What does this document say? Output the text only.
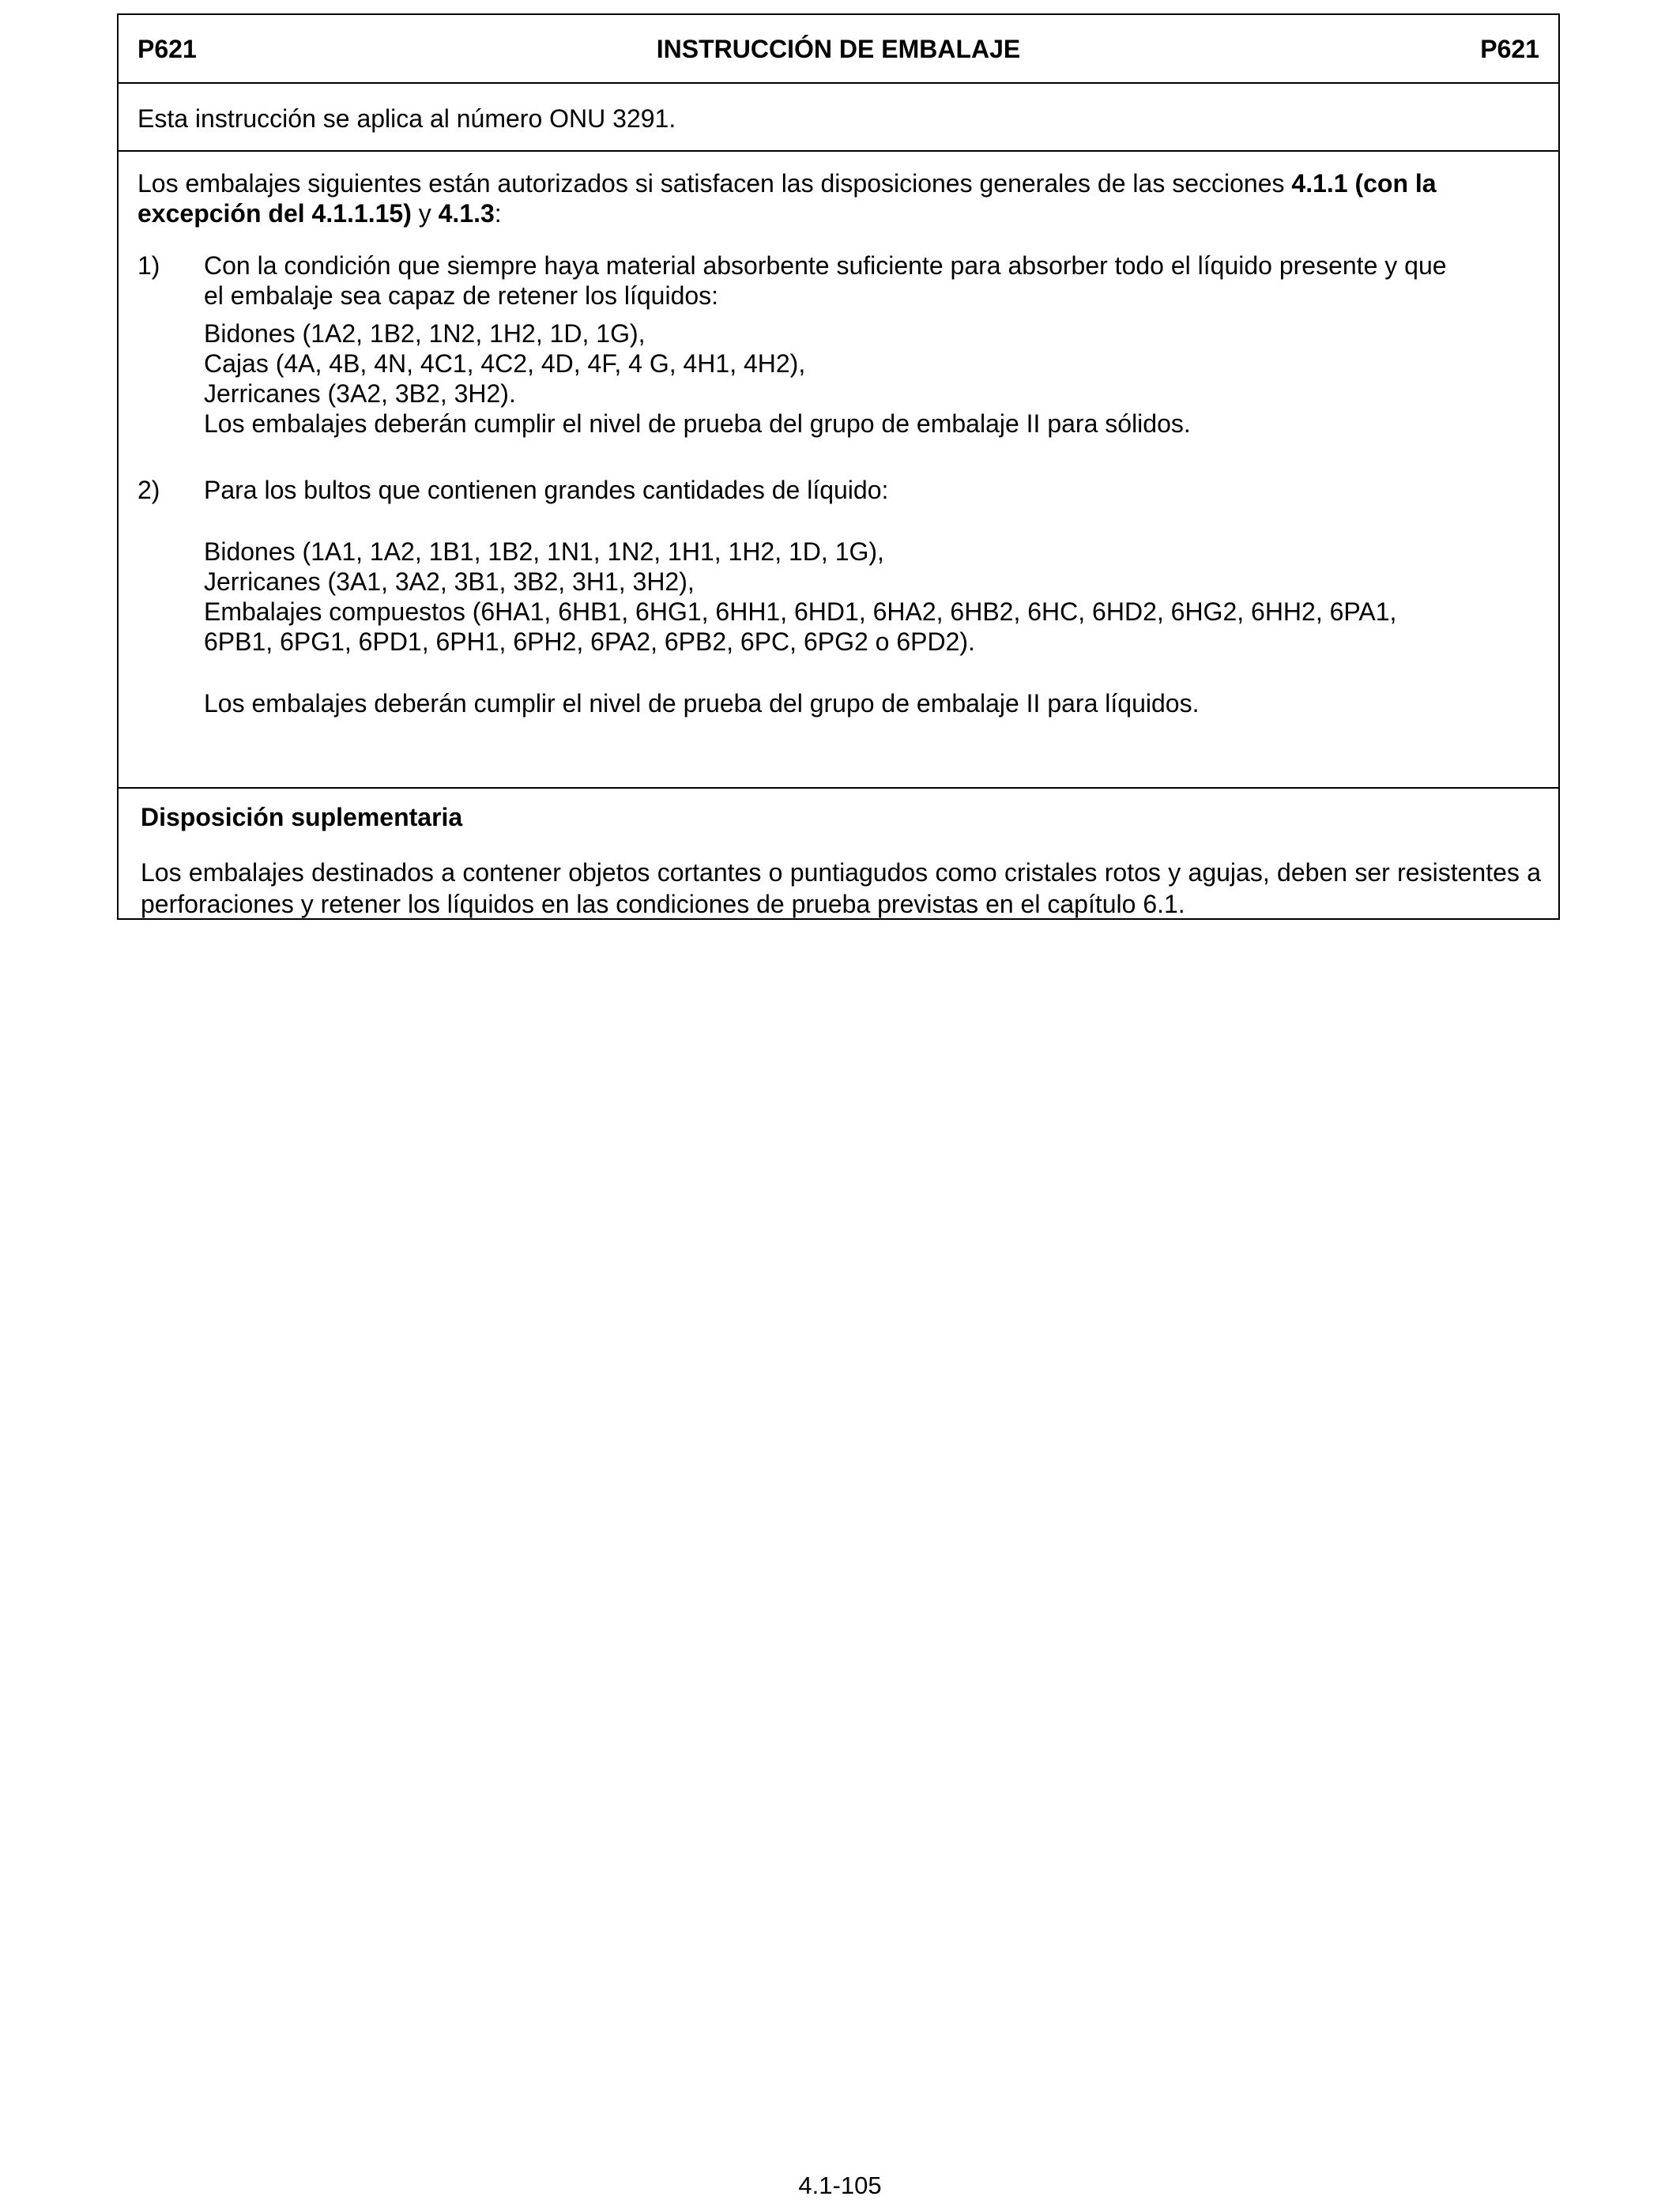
P621	INSTRUCCIÓN DE EMBALAJE	P621
Esta instrucción se aplica al número ONU 3291.
Los embalajes siguientes están autorizados si satisfacen las disposiciones generales de las secciones 4.1.1 (con la
excepción del 4.1.1.15) y 4.1.3:
1) Con la condición que siempre haya material absorbente suficiente para absorber todo el líquido presente y que
el embalaje sea capaz de retener los líquidos:
Bidones (1A2, 1B2, 1N2, 1H2, 1D, 1G),
Cajas (4A, 4B, 4N, 4C1, 4C2, 4D, 4F, 4 G, 4H1, 4H2),
Jerricanes (3A2, 3B2, 3H2).
Los embalajes deberán cumplir el nivel de prueba del grupo de embalaje II para sólidos.
2) Para los bultos que contienen grandes cantidades de líquido:
Bidones (1A1, 1A2, 1B1, 1B2, 1N1, 1N2, 1H1, 1H2, 1D, 1G),
Jerricanes (3A1, 3A2, 3B1, 3B2, 3H1, 3H2),
Embalajes compuestos (6HA1, 6HB1, 6HG1, 6HH1, 6HD1, 6HA2, 6HB2, 6HC, 6HD2, 6HG2, 6HH2, 6PA1,
6PB1, 6PG1, 6PD1, 6PH1, 6PH2, 6PA2, 6PB2, 6PC, 6PG2 o 6PD2).
Los embalajes deberán cumplir el nivel de prueba del grupo de embalaje II para líquidos.
Disposición suplementaria
Los embalajes destinados a contener objetos cortantes o puntiagudos como cristales rotos y agujas, deben ser resistentes a perforaciones y retener los líquidos en las condiciones de prueba previstas en el capítulo 6.1.
4.1-105
